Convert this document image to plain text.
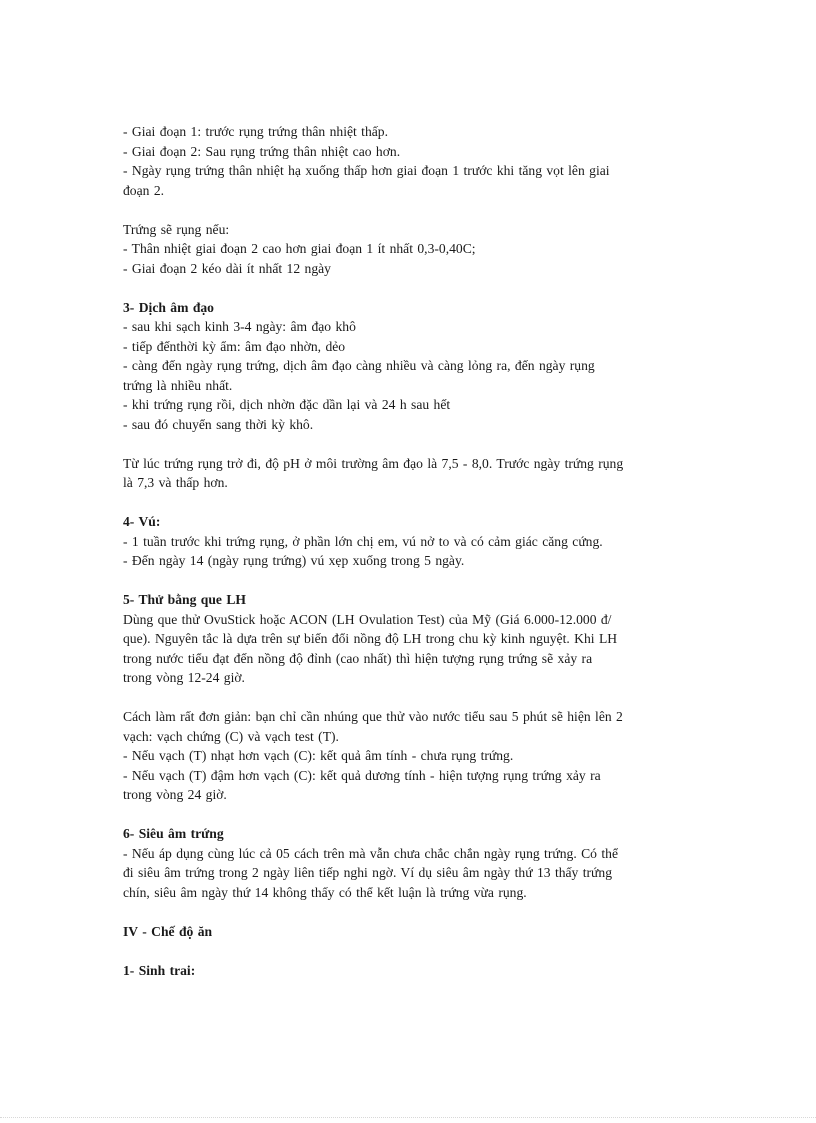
- Giai đoạn 1: trước rụng trứng thân nhiệt thấp.
- Giai đoạn 2: Sau rụng trứng thân nhiệt cao hơn.
- Ngày rụng trứng thân nhiệt hạ xuống thấp hơn giai đoạn 1 trước khi tăng vọt lên giai
đoạn 2.
Trứng sẽ rụng nếu:
- Thân nhiệt giai đoạn 2 cao hơn giai đoạn 1 ít nhất 0,3-0,40C;
- Giai đoạn 2 kéo dài ít nhất 12 ngày
3- Dịch âm đạo
- sau khi sạch kinh 3-4 ngày: âm đạo khô
- tiếp đếnthời kỳ ẩm: âm đạo nhờn, dẻo
- càng đến ngày rụng trứng, dịch âm đạo càng nhiều và càng lỏng ra, đến ngày rụng
trứng là nhiều nhất.
- khi trứng rụng rồi, dịch nhờn đặc dần lại và 24 h sau hết
- sau đó chuyển sang thời kỳ khô.
Từ lúc trứng rụng trở đi, độ pH ở môi trường âm đạo là 7,5 - 8,0. Trước ngày trứng rụng
là 7,3 và thấp hơn.
4- Vú:
- 1 tuần trước khi trứng rụng, ở phần lớn chị em, vú nở to và có cảm giác căng cứng.
- Đến ngày 14 (ngày rụng trứng) vú xẹp xuống trong 5 ngày.
5- Thử bằng que LH
Dùng que thử OvuStick hoặc ACON (LH Ovulation Test) của Mỹ (Giá 6.000-12.000 đ/
que). Nguyên tắc là dựa trên sự biến đổi nồng độ LH trong chu kỳ kinh nguyệt. Khi LH
trong nước tiểu đạt đến nồng độ đỉnh (cao nhất) thì hiện tượng rụng trứng sẽ xảy ra
trong vòng 12-24 giờ.
Cách làm rất đơn giản: bạn chỉ cần nhúng que thử vào nước tiểu sau 5 phút sẽ hiện lên 2
vạch: vạch chứng (C) và vạch test (T).
- Nếu vạch (T) nhạt hơn vạch (C): kết quả âm tính - chưa rụng trứng.
- Nếu vạch (T) đậm hơn vạch (C): kết quả dương tính - hiện tượng rụng trứng xảy ra
trong vòng 24 giờ.
6- Siêu âm trứng
- Nếu áp dụng cùng lúc cả 05 cách trên mà vẫn chưa chắc chắn ngày rụng trứng. Có thể
đi siêu âm trứng trong 2 ngày liên tiếp nghi ngờ. Ví dụ siêu âm ngày thứ 13 thấy trứng
chín, siêu âm ngày thứ 14 không thấy có thể kết luận là trứng vừa rụng.
IV - Chế độ ăn
1- Sinh trai:
